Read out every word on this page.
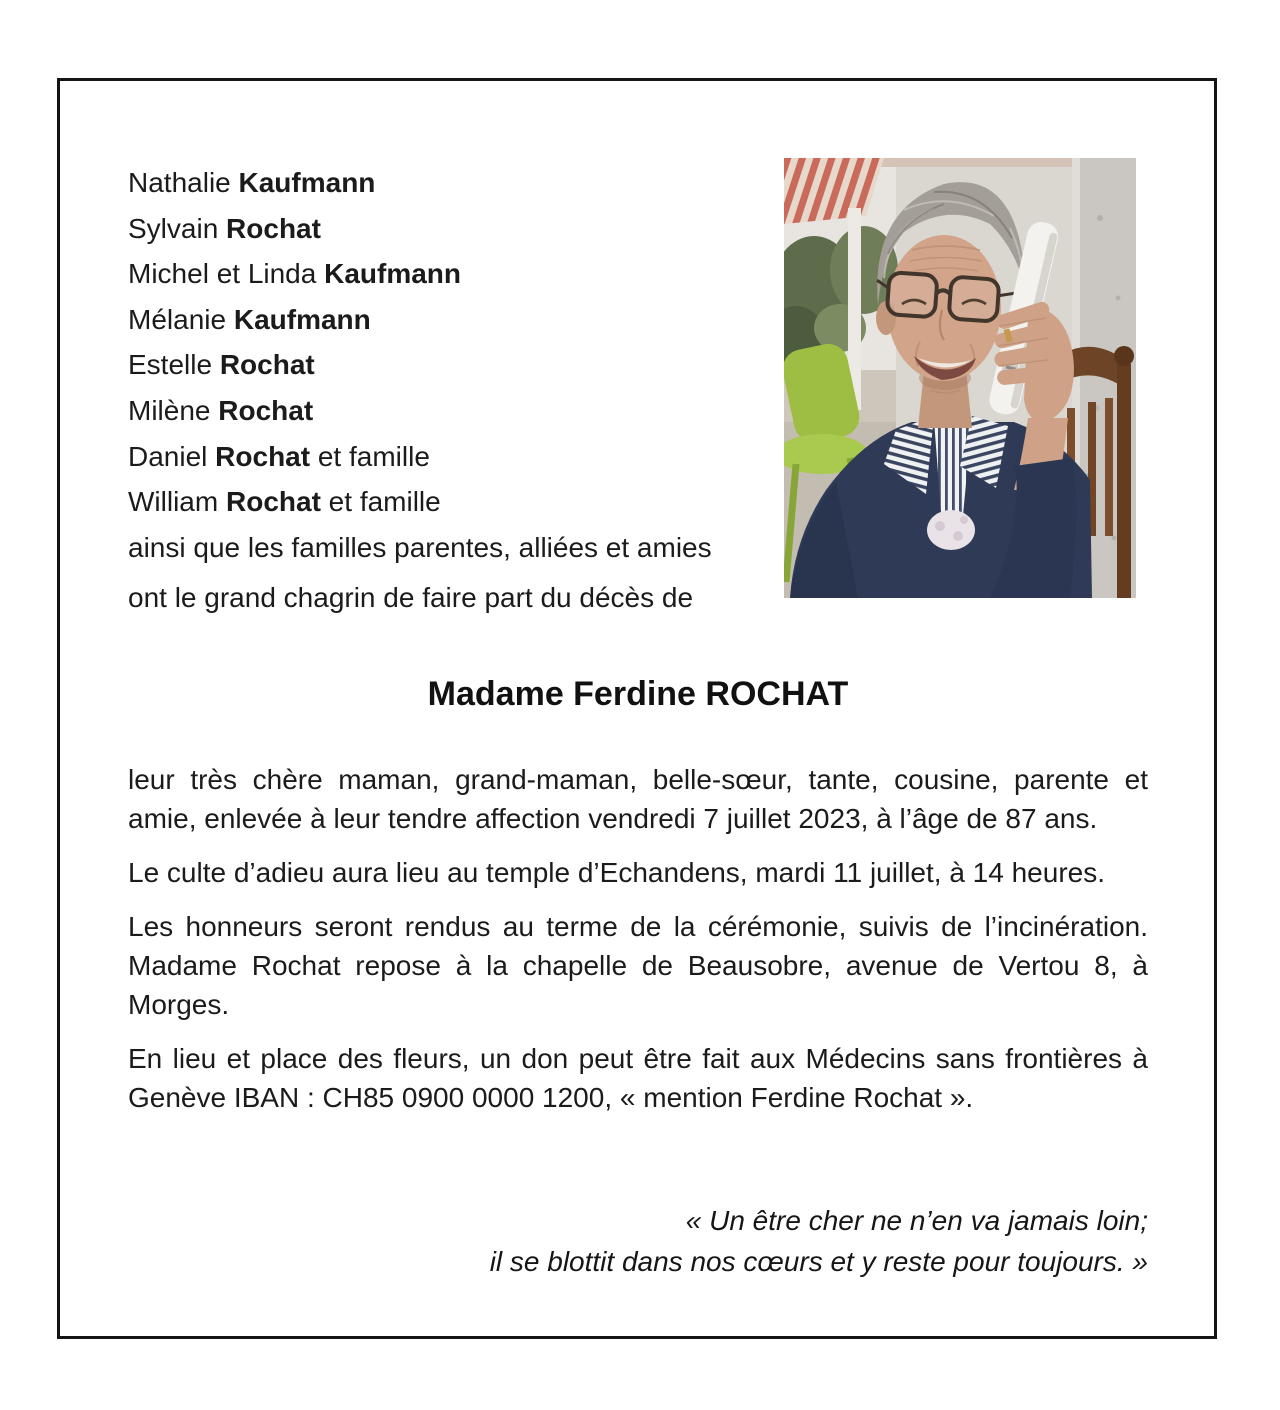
Nathalie Kaufmann
Sylvain Rochat
Michel et Linda Kaufmann
Mélanie Kaufmann
Estelle Rochat
Milène Rochat
Daniel Rochat et famille
William Rochat et famille
ainsi que les familles parentes, alliées et amies
ont le grand chagrin de faire part du décès de
Madame Ferdine ROCHAT

leur très chère maman, grand-maman, belle-sœur, tante, cousine, parente et amie, enlevée à leur tendre affection vendredi 7 juillet 2023, à l’âge de 87 ans.

Le culte d’adieu aura lieu au temple d’Echandens, mardi 11 juillet, à 14 heures.

Les honneurs seront rendus au terme de la cérémonie, suivis de l’incinération. Madame Rochat repose à la chapelle de Beausobre, avenue de Vertou 8, à Morges.

En lieu et place des fleurs, un don peut être fait aux Médecins sans frontières à Genève IBAN : CH85 0900 0000 1200, « mention Ferdine Rochat ».

« Un être cher ne n’en va jamais loin;
il se blottit dans nos cœurs et y reste pour toujours. »
